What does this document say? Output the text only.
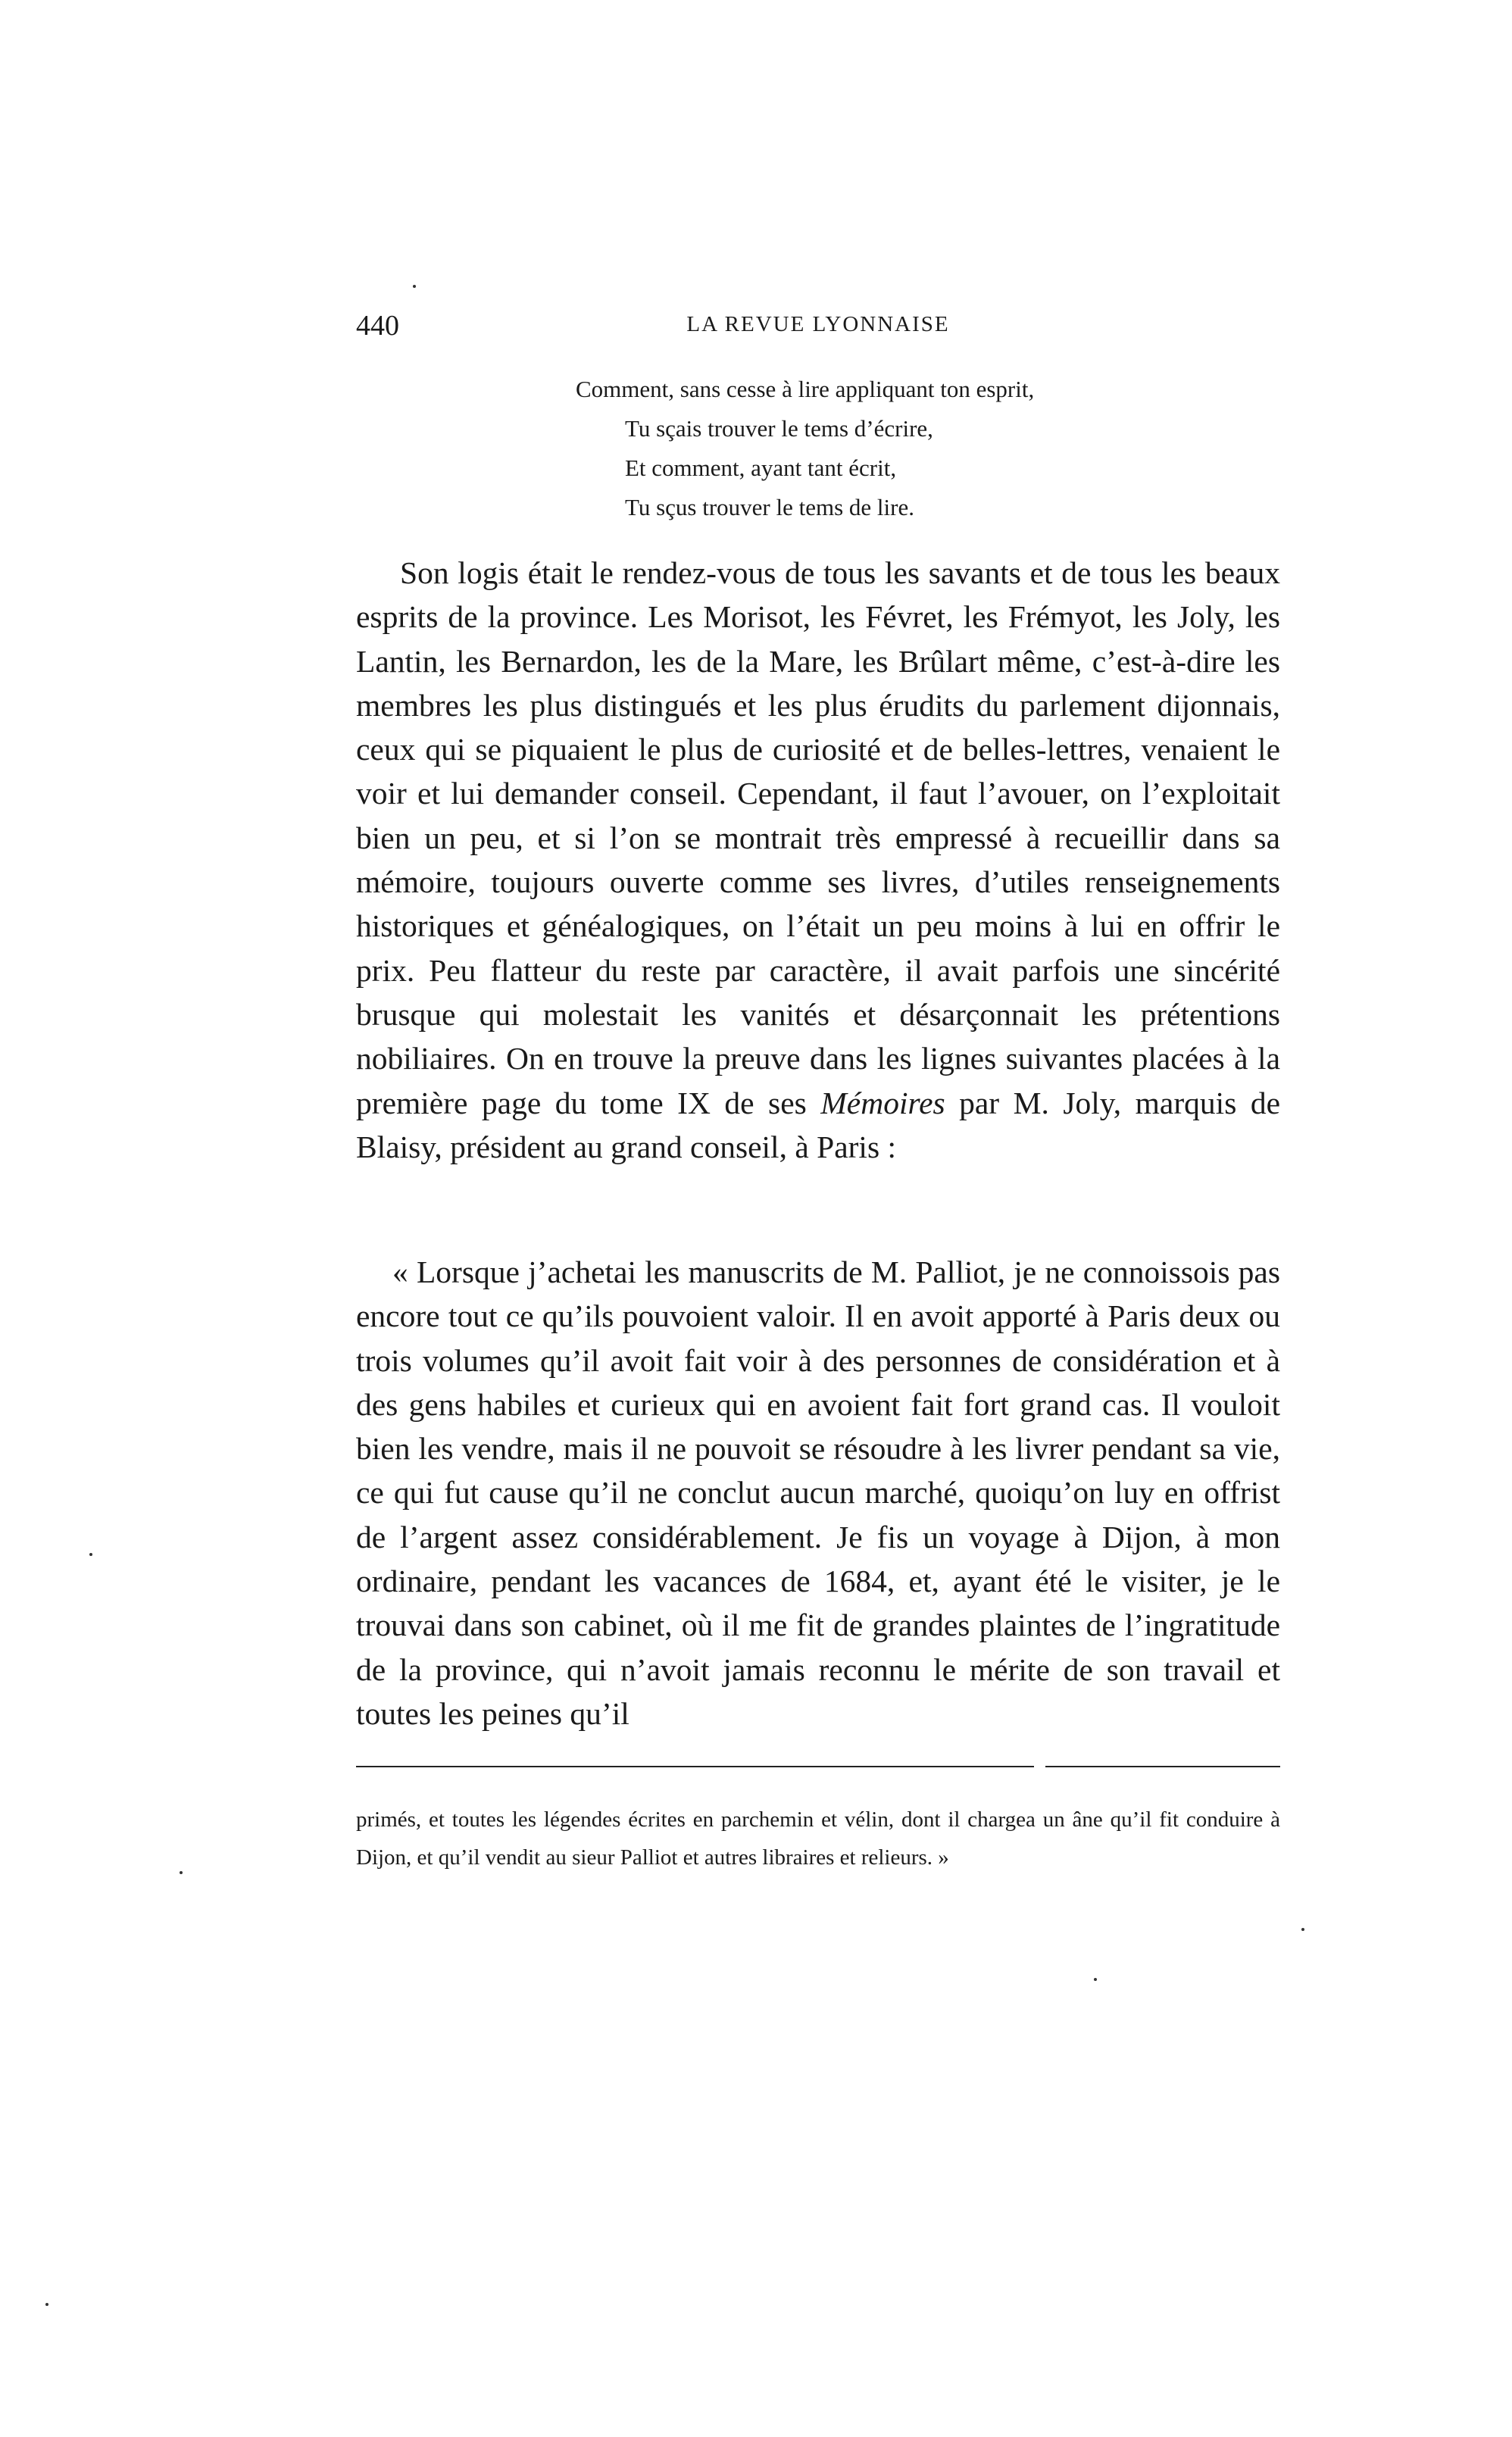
440	LA REVUE LYONNAISE
Comment, sans cesse à lire appliquant ton esprit,
Tu sçais trouver le tems d’écrire,
Et comment, ayant tant écrit,
Tu sçus trouver le tems de lire.

Son logis était le rendez-vous de tous les savants et de tous les beaux esprits de la province. Les Morisot, les Févret, les Frémyot, les Joly, les Lantin, les Bernardon, les de la Mare, les Brûlart même, c’est-à-dire les membres les plus distingués et les plus érudits du parlement dijonnais, ceux qui se piquaient le plus de curiosité et de belles-lettres, venaient le voir et lui demander conseil. Cependant, il faut l’avouer, on l’exploitait bien un peu, et si l’on se montrait très empressé à recueillir dans sa mémoire, toujours ouverte comme ses livres, d’utiles renseignements historiques et généalogiques, on l’était un peu moins à lui en offrir le prix. Peu flatteur du reste par caractère, il avait parfois une sincérité brusque qui molestait les vanités et désarçonnait les prétentions nobiliaires. On en trouve la preuve dans les lignes suivantes placées à la première page du tome IX de ses Mémoires par M. Joly, marquis de Blaisy, président au grand conseil, à Paris :

« Lorsque j’achetai les manuscrits de M. Palliot, je ne connoissois pas encore tout ce qu’ils pouvoient valoir. Il en avoit apporté à Paris deux ou trois volumes qu’il avoit fait voir à des personnes de considération et à des gens habiles et curieux qui en avoient fait fort grand cas. Il vouloit bien les vendre, mais il ne pouvoit se résoudre à les livrer pendant sa vie, ce qui fut cause qu’il ne conclut aucun marché, quoiqu’on luy en offrist de l’argent assez considérablement. Je fis un voyage à Dijon, à mon ordinaire, pendant les vacances de 1684, et, ayant été le visiter, je le trouvai dans son cabinet, où il me fit de grandes plaintes de l’ingratitude de la province, qui n’avoit jamais reconnu le mérite de son travail et toutes les peines qu’il

primés, et toutes les légendes écrites en parchemin et vélin, dont il chargea un âne qu’il fit conduire à Dijon, et qu’il vendit au sieur Palliot et autres libraires et relieurs. »
